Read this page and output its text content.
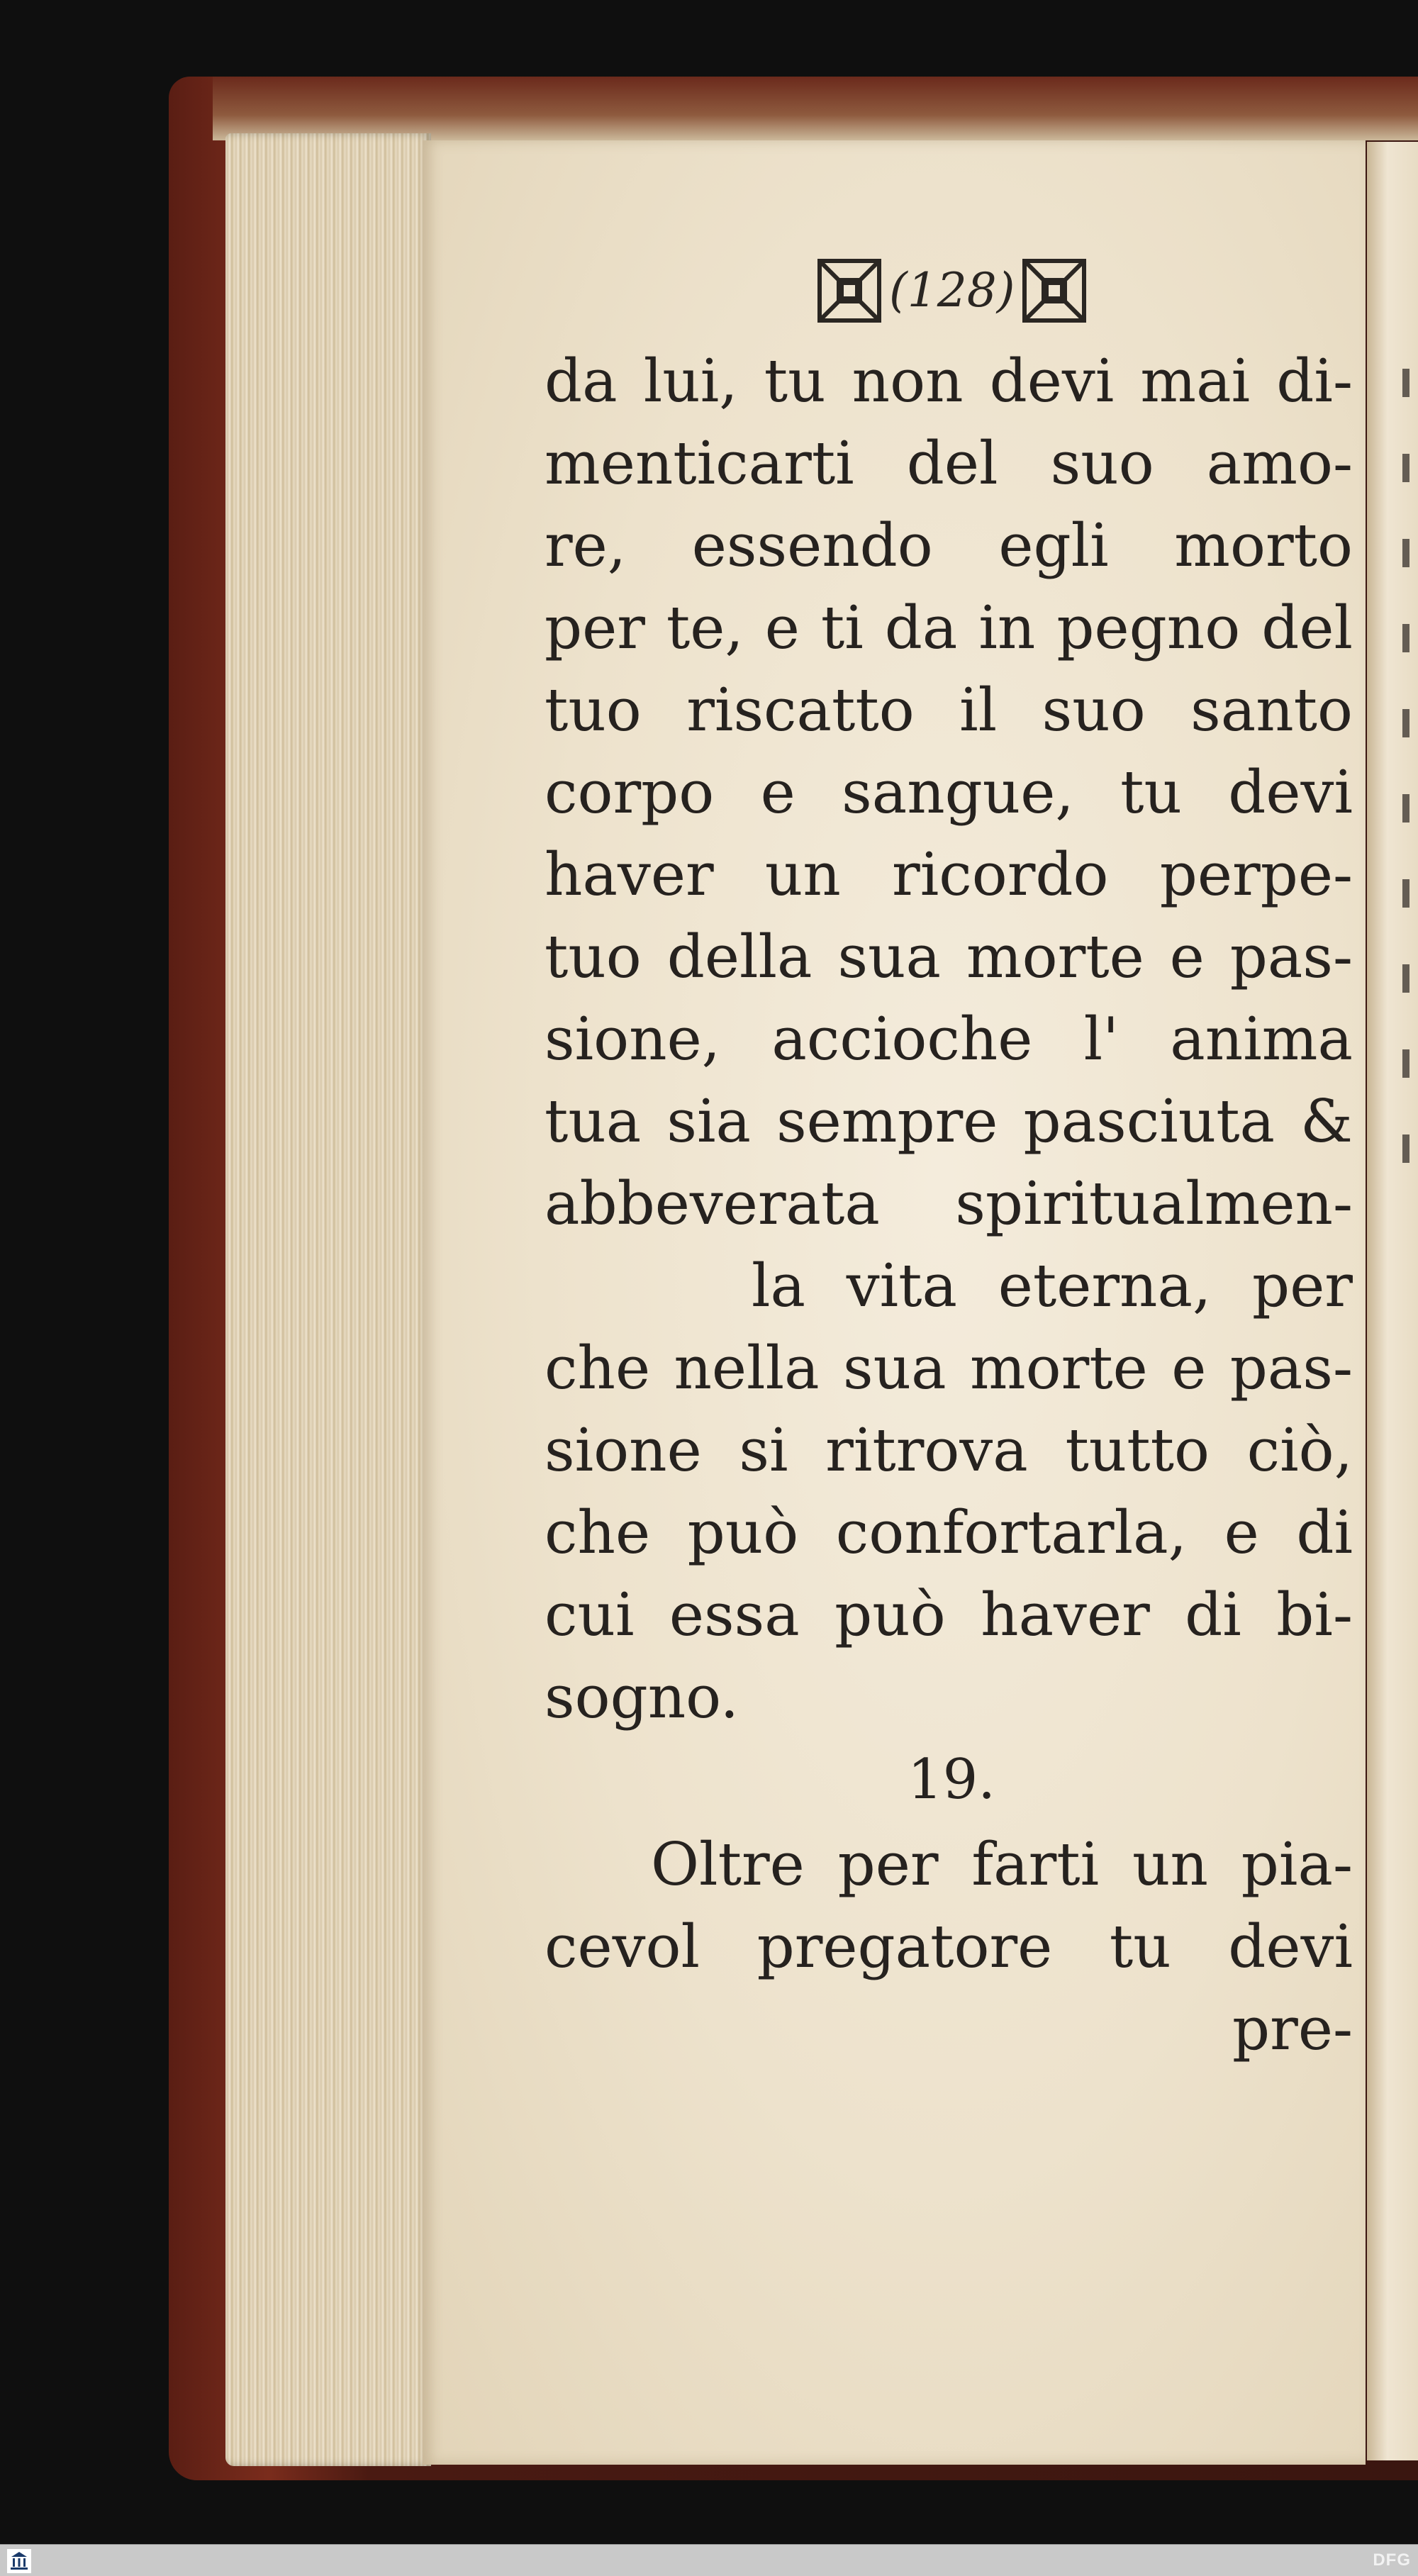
(128)
da lui, tu non devi mai di-
menticarti del suo amo-
re, essendo egli morto
per te, e ti da in pegno del
tuo riscatto il suo santo
corpo e sangue, tu devi
haver un ricordo perpe-
tuo della sua morte e pas-
sione, accioche l' anima
tua sia sempre pasciuta &
abbeverata spiritualmen-
la vita eterna, per
che nella sua morte e pas-
sione si ritrova tutto ciò,
che può confortarla, e di
cui essa può haver di bi-
sogno.
19.
Oltre per farti un pia-
cevol pregatore tu devi
pre-
DFG
